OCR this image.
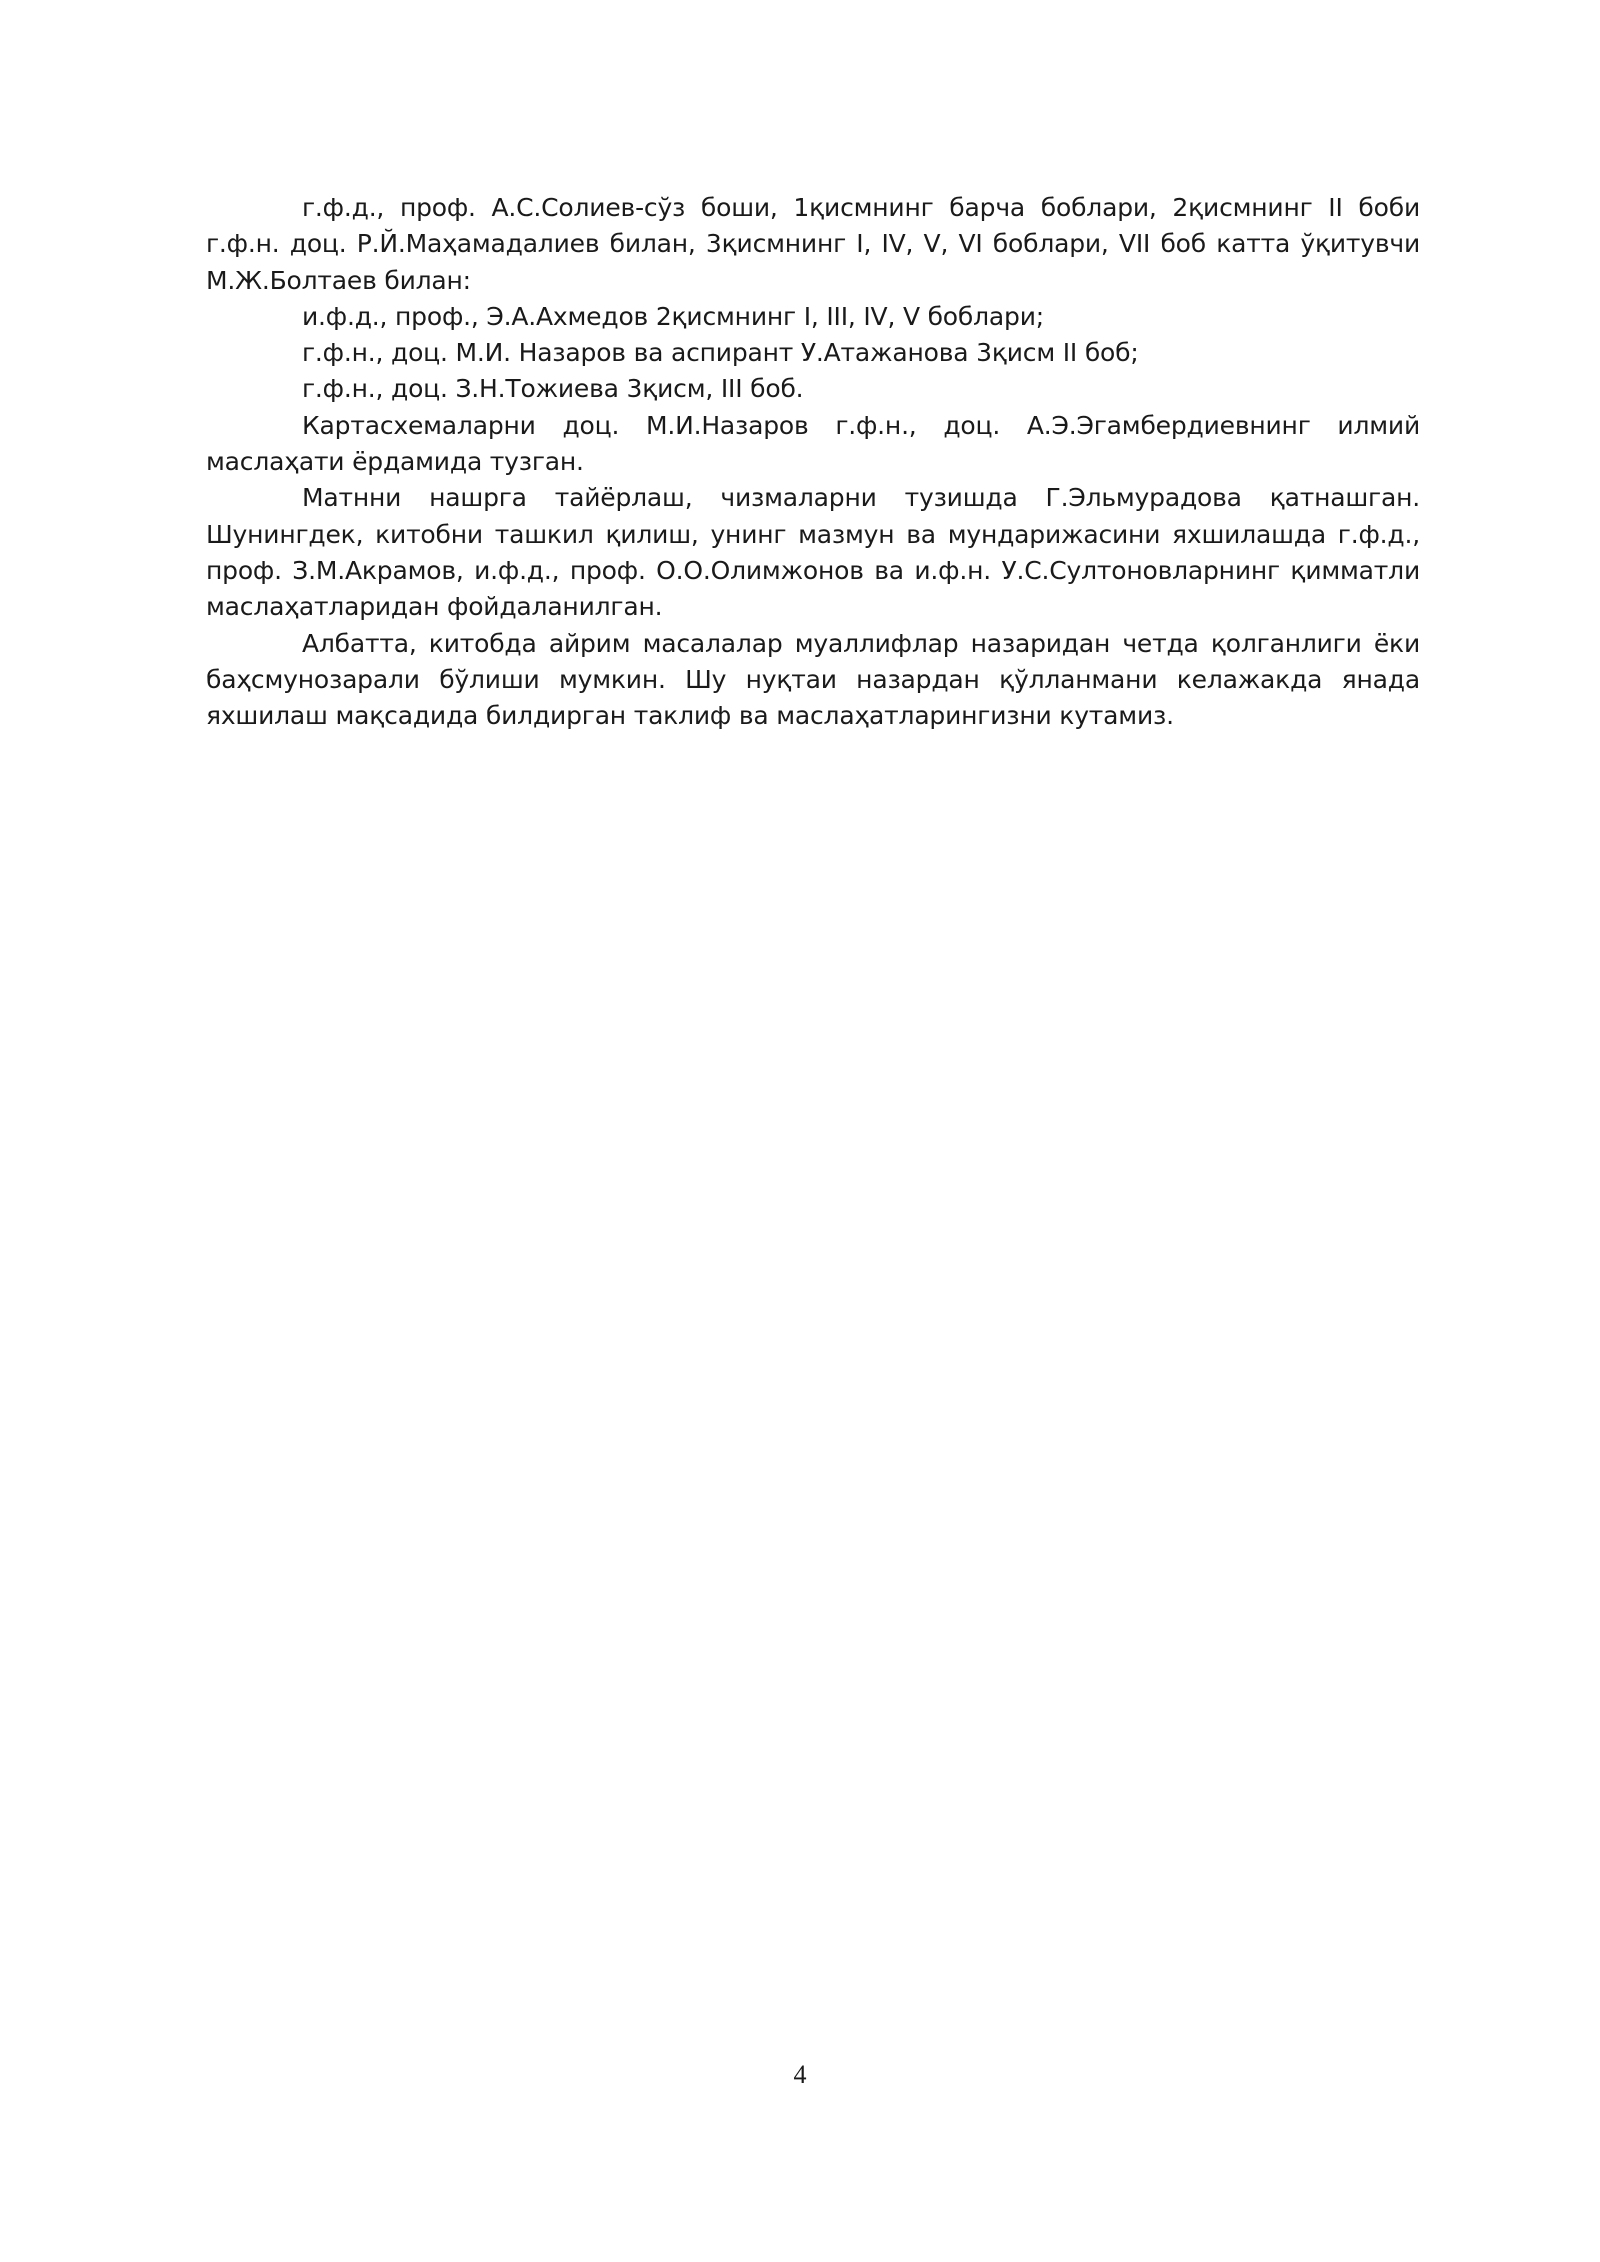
г.ф.д., проф. А.С.Солиев-сўз боши, 1қисмнинг барча боблари, 2қисмнинг II боби г.ф.н. доц. Р.Й.Маҳамадалиев билан, 3қисмнинг I, IV, V, VI боблари, VII боб катта ўқитувчи М.Ж.Болтаев билан:

и.ф.д., проф., Э.А.Ахмедов 2қисмнинг I, III, IV, V боблари;

г.ф.н., доц. М.И. Назаров ва аспирант У.Атажанова 3қисм II боб;

г.ф.н., доц. З.Н.Тожиева 3қисм, III боб.

Картасхемаларни доц. М.И.Назаров г.ф.н., доц. А.Э.Эгамбердиевнинг илмий маслаҳати ёрдамида тузган.

Матнни нашрга тайёрлаш, чизмаларни тузишда Г.Эльмурадова қатнашган. Шунингдек, китобни ташкил қилиш, унинг мазмун ва мундарижасини яхшилашда г.ф.д., проф. З.М.Акрамов, и.ф.д., проф. О.О.Олимжонов ва и.ф.н. У.С.Султоновларнинг қимматли маслаҳатларидан фойдаланилган.

Албатта, китобда айрим масалалар муаллифлар назаридан четда қолганлиги ёки баҳсмунозарали бўлиши мумкин. Шу нуқтаи назардан қўлланмани келажакда янада яхшилаш мақсадида билдирган таклиф ва маслаҳатларингизни кутамиз.

4
